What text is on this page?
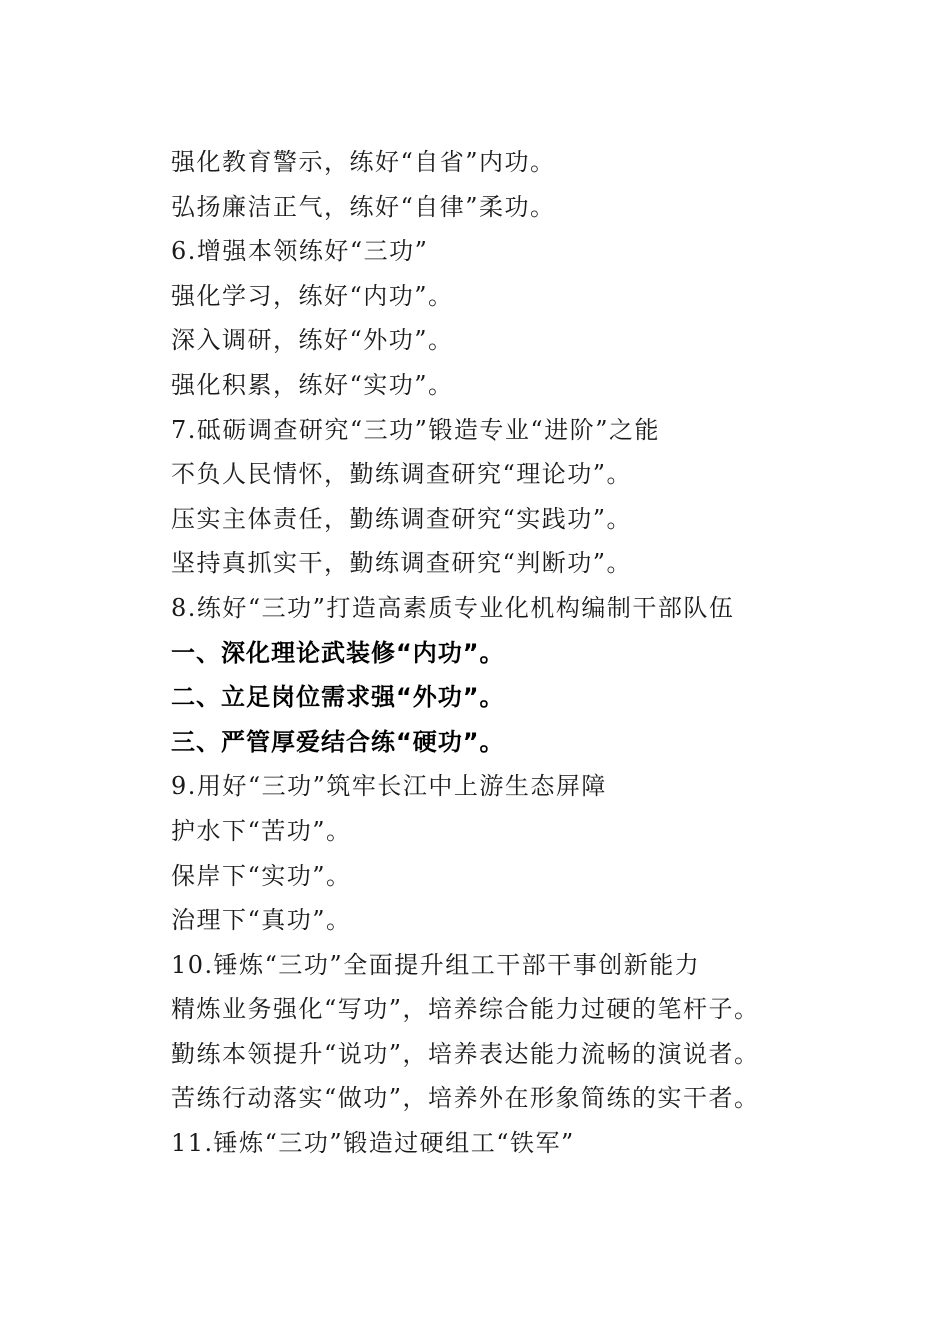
强化教育警示，练好“自省”内功。
弘扬廉洁正气，练好“自律”柔功。
6.增强本领练好“三功”
强化学习，练好“内功”。
深入调研，练好“外功”。
强化积累，练好“实功”。
7.砥砺调查研究“三功”锻造专业“进阶”之能
不负人民情怀，勤练调查研究“理论功”。
压实主体责任，勤练调查研究“实践功”。
坚持真抓实干，勤练调查研究“判断功”。
8.练好“三功”打造高素质专业化机构编制干部队伍
一、深化理论武装修“内功”。
二、立足岗位需求强“外功”。
三、严管厚爱结合练“硬功”。
9.用好“三功”筑牢长江中上游生态屏障
护水下“苦功”。
保岸下“实功”。
治理下“真功”。
10.锤炼“三功”全面提升组工干部干事创新能力
精炼业务强化“写功”，培养综合能力过硬的笔杆子。
勤练本领提升“说功”，培养表达能力流畅的演说者。
苦练行动落实“做功”，培养外在形象简练的实干者。
11.锤炼“三功”锻造过硬组工“铁军”
